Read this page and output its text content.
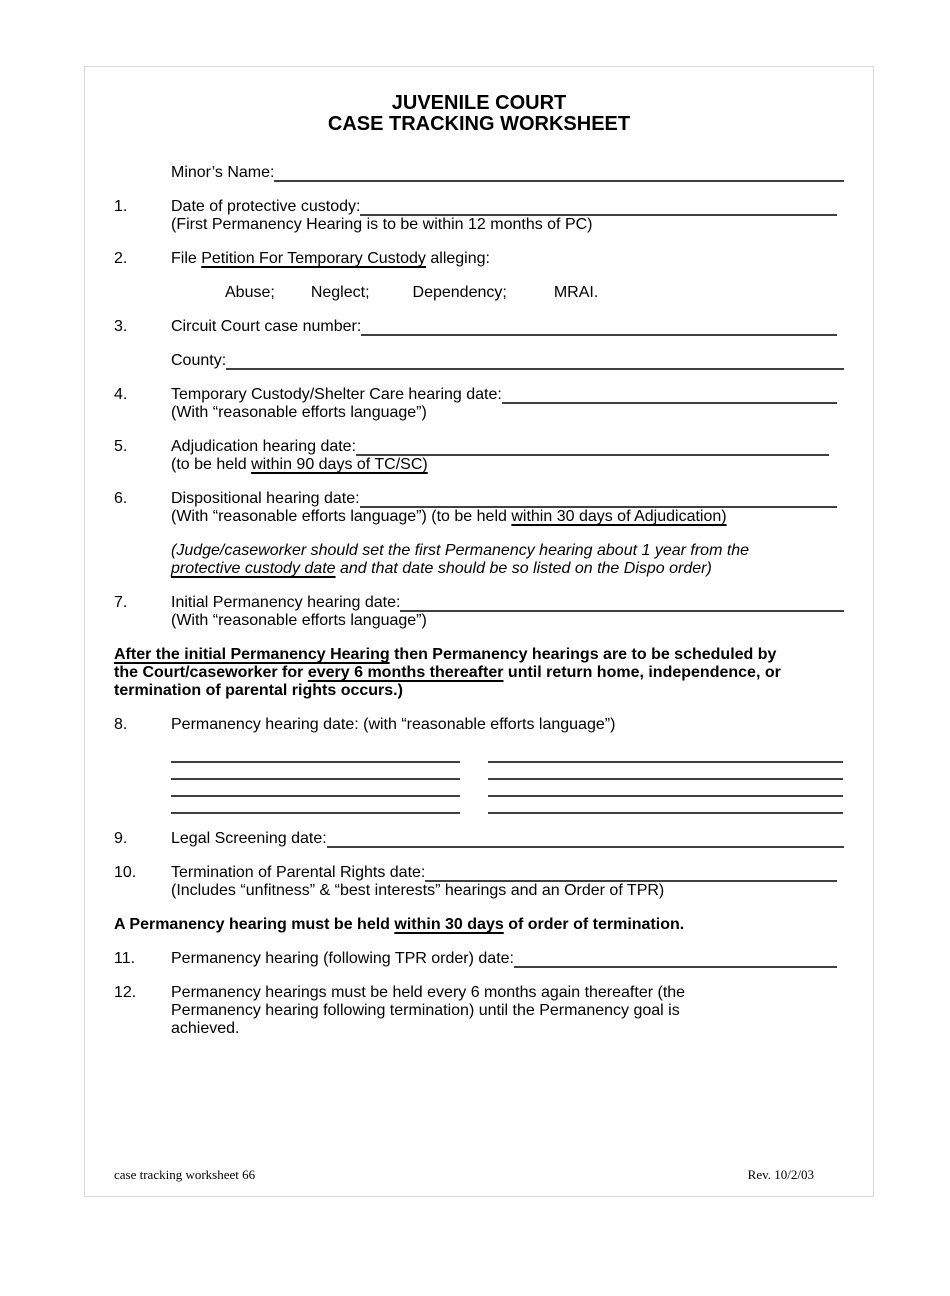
JUVENILE COURT
CASE TRACKING WORKSHEET
Minor’s Name:
1.	Date of protective custody:
(First Permanency Hearing is to be within 12 months of PC)
2.	File Petition For Temporary Custody alleging:
Abuse; Neglect;	Dependency;	MRAI.
3.	Circuit Court case number:
County:
4.	Temporary Custody/Shelter Care hearing date:
(With “reasonable efforts language”)
5.	Adjudication hearing date:
(to be held within 90 days of TC/SC)
6.	Dispositional hearing date:
(With “reasonable efforts language”) (to be held within 30 days of Adjudication)
(Judge/caseworker should set the first Permanency hearing about 1 year from the
protective custody date and that date should be so listed on the Dispo order)
7.	Initial Permanency hearing date:
(With “reasonable efforts language”)
After the initial Permanency Hearing then Permanency hearings are to be scheduled by
the Court/caseworker for every 6 months thereafter until return home, independence, or
termination of parental rights occurs.)
8.	Permanency hearing date: (with “reasonable efforts language”)
9.	Legal Screening date:
10.	Termination of Parental Rights date:
(Includes “unfitness” & “best interests” hearings and an Order of TPR)
A Permanency hearing must be held within 30 days of order of termination.
11.	Permanency hearing (following TPR order) date:
12.	Permanency hearings must be held every 6 months again thereafter (the
Permanency hearing following termination) until the Permanency goal is
achieved.
case tracking worksheet 66	Rev. 10/2/03
